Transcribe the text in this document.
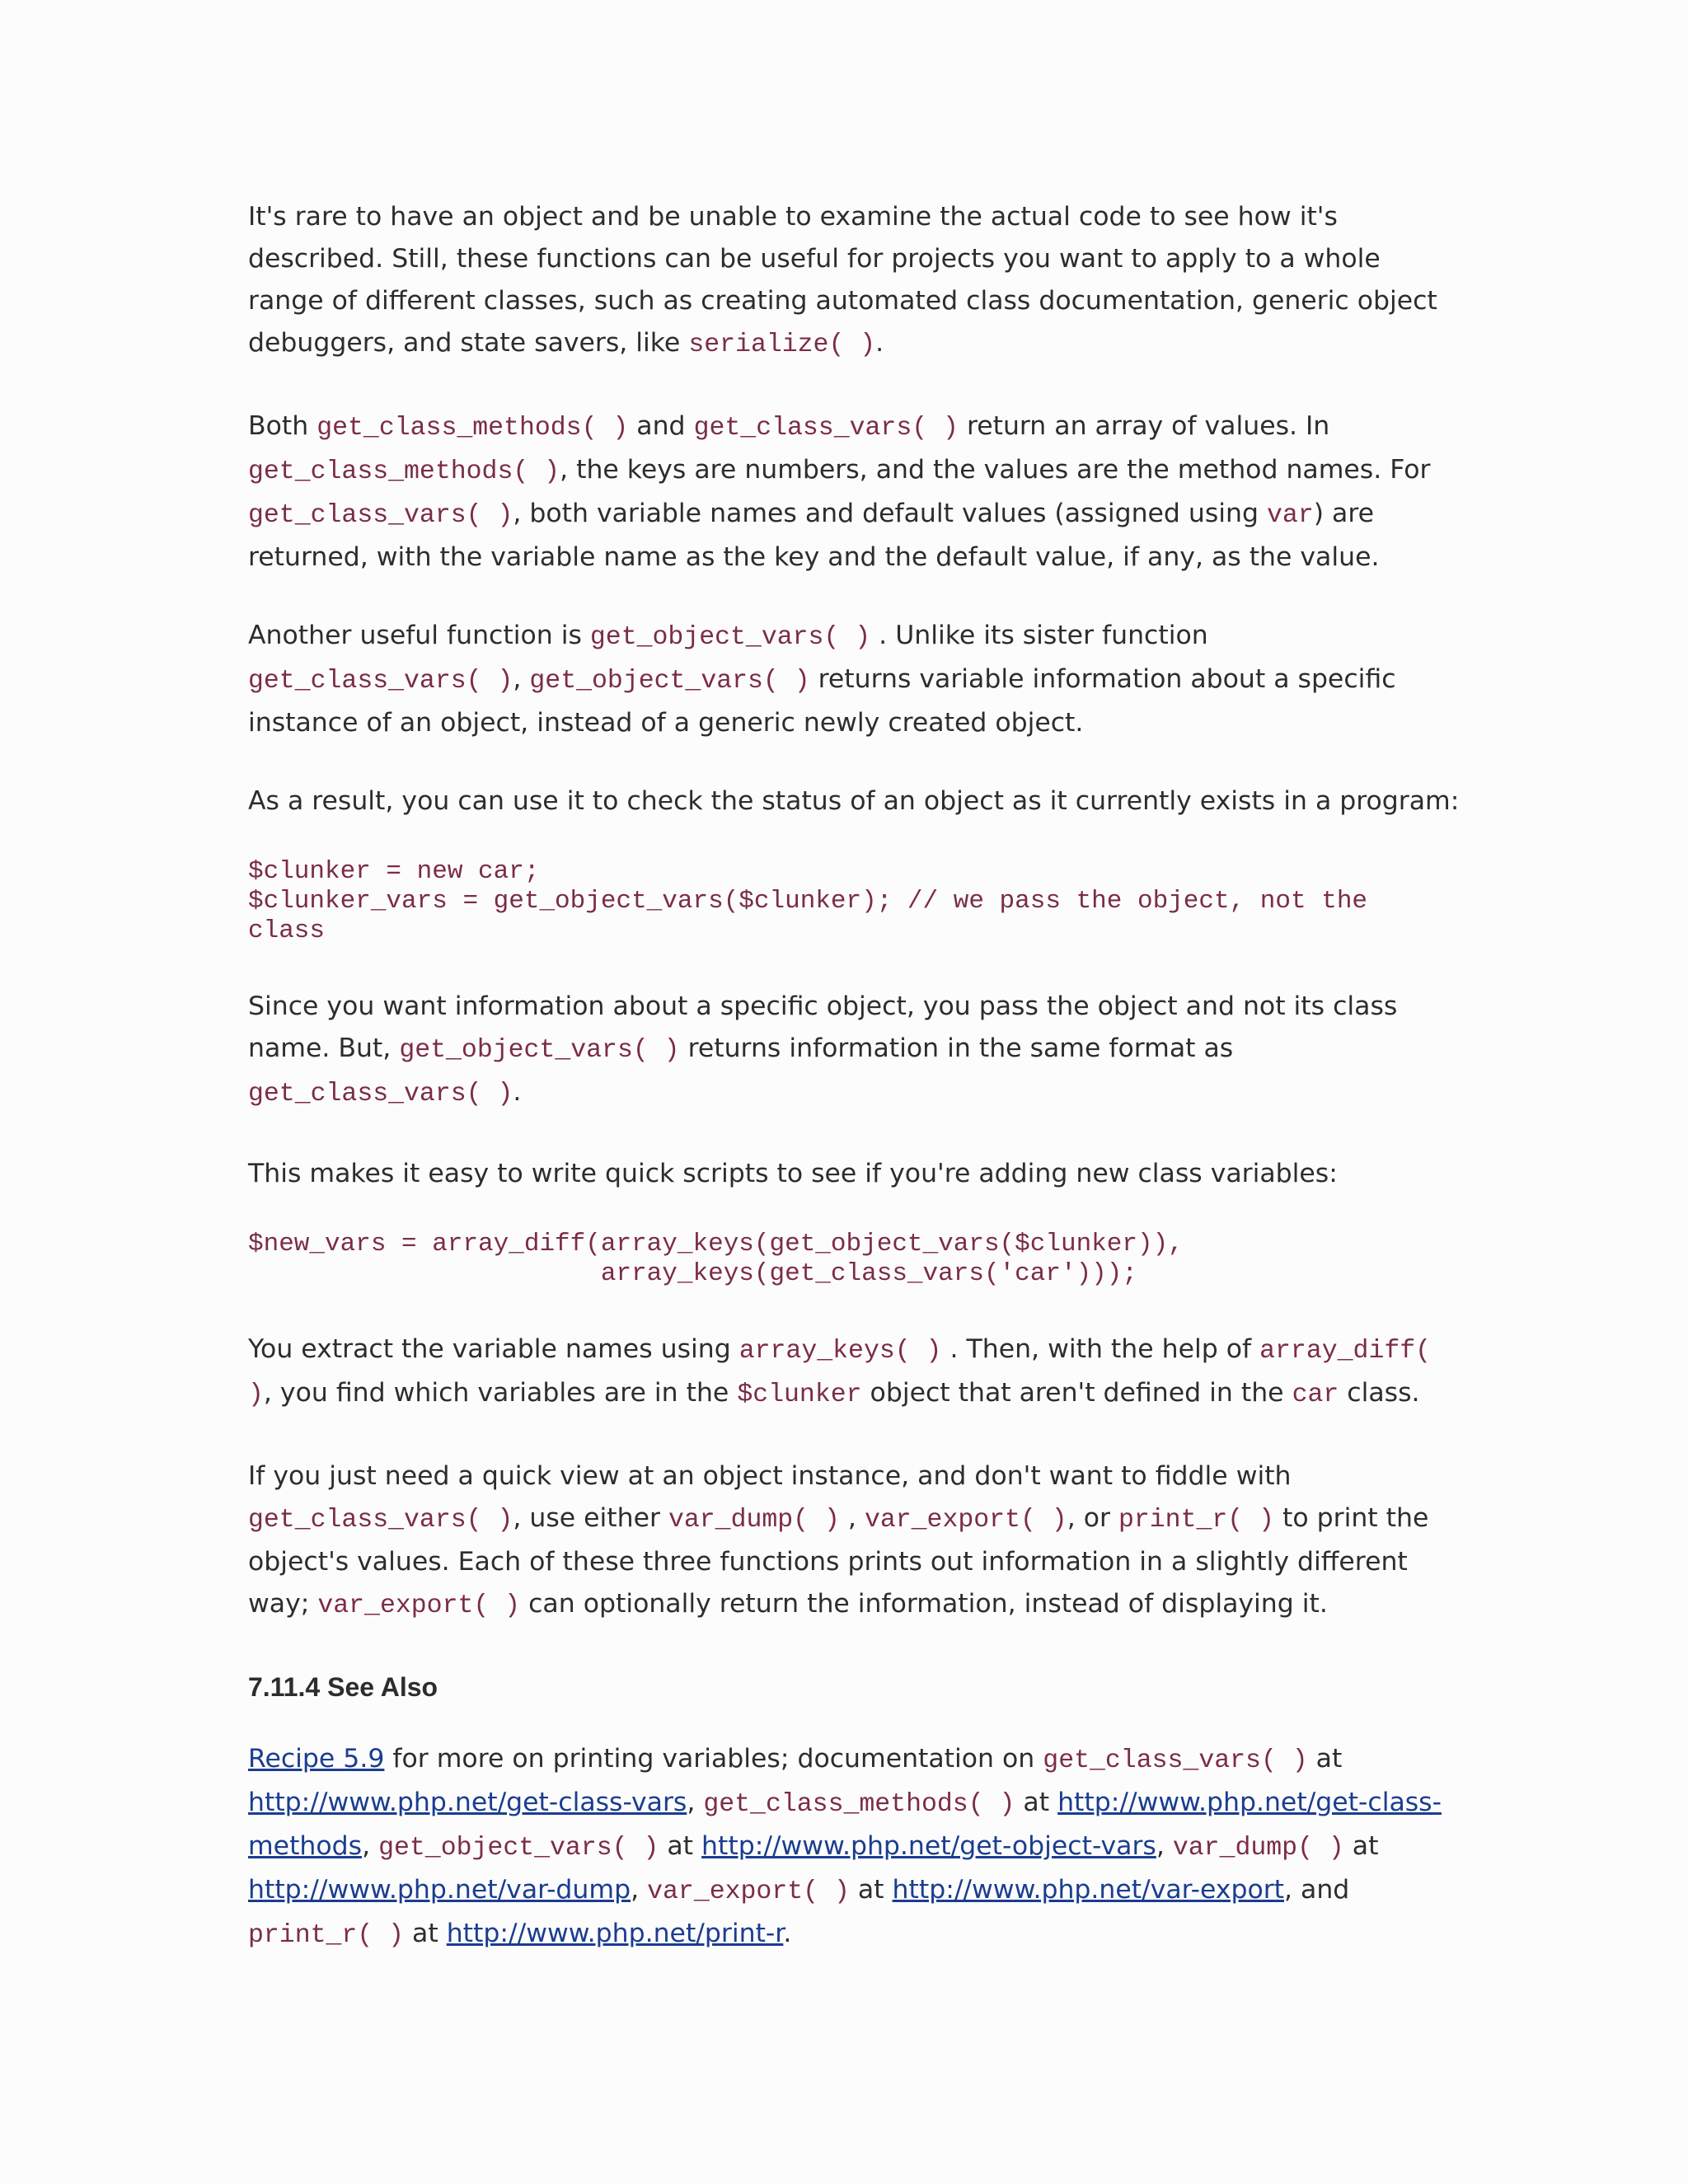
It's rare to have an object and be unable to examine the actual code to see how it's described. Still, these functions can be useful for projects you want to apply to a whole range of different classes, such as creating automated class documentation, generic object debuggers, and state savers, like serialize( ).

Both get_class_methods( ) and get_class_vars( ) return an array of values. In get_class_methods( ), the keys are numbers, and the values are the method names. For get_class_vars( ), both variable names and default values (assigned using var) are returned, with the variable name as the key and the default value, if any, as the value.

Another useful function is get_object_vars( ) . Unlike its sister function
get_class_vars( ), get_object_vars( ) returns variable information about a specific instance of an object, instead of a generic newly created object.

As a result, you can use it to check the status of an object as it currently exists in a program:

$clunker = new car;
$clunker_vars = get_object_vars($clunker); // we pass the object, not the
class

Since you want information about a specific object, you pass the object and not its class name. But, get_object_vars( ) returns information in the same format as get_class_vars( ).

This makes it easy to write quick scripts to see if you're adding new class variables:

$new_vars = array_diff(array_keys(get_object_vars($clunker)),
array_keys(get_class_vars('car')));

You extract the variable names using array_keys( ) . Then, with the help of array_diff( ), you find which variables are in the $clunker object that aren't defined in the car class.

If you just need a quick view at an object instance, and don't want to fiddle with get_class_vars( ), use either var_dump( ) , var_export( ), or print_r( ) to print the object's values. Each of these three functions prints out information in a slightly different way; var_export( ) can optionally return the information, instead of displaying it.

7.11.4 See Also

Recipe 5.9 for more on printing variables; documentation on get_class_vars( ) at
http://www.php.net/get-class-vars, get_class_methods( ) at http://www.php.net/get-class-methods, get_object_vars( ) at http://www.php.net/get-object-vars, var_dump( ) at http://www.php.net/var-dump, var_export( ) at http://www.php.net/var-export, and
print_r( ) at http://www.php.net/print-r.
